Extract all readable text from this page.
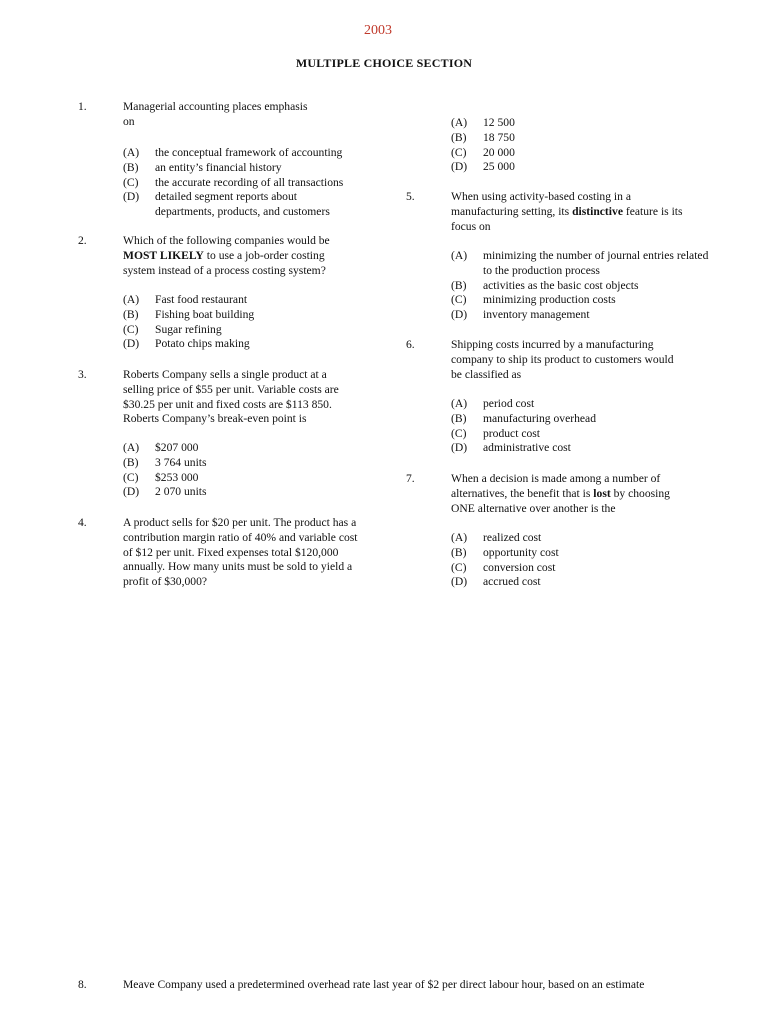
2003
MULTIPLE CHOICE SECTION
1.	Managerial accounting places emphasis
on
(A) the conceptual framework of accounting
(B) an entity’s financial history
(C) the accurate recording of all transactions
(D) detailed segment reports about departments, products, and customers
2.	Which of the following companies would be MOST LIKELY to use a job-order costing system instead of a process costing system?
(A) Fast food restaurant
(B) Fishing boat building
(C) Sugar refining
(D) Potato chips making
3.	Roberts Company sells a single product at a selling price of $55 per unit. Variable costs are $30.25 per unit and fixed costs are $113 850. Roberts Company’s break-even point is
(A) $207 000
(B) 3 764 units
(C) $253 000
(D) 2 070 units
4.	A product sells for $20 per unit. The product has a contribution margin ratio of 40% and variable cost of $12 per unit. Fixed expenses total $120,000 annually. How many units must be sold to yield a profit of $30,000?
(A) 12 500
(B) 18 750
(C) 20 000
(D) 25 000
5.	When using activity-based costing in a manufacturing setting, its distinctive feature is its focus on
(A) minimizing the number of journal entries related to the production process
(B) activities as the basic cost objects
(C) minimizing production costs
(D) inventory management
6.	Shipping costs incurred by a manufacturing company to ship its product to customers would be classified as
(A) period cost
(B) manufacturing overhead
(C) product cost
(D) administrative cost
7.	When a decision is made among a number of alternatives, the benefit that is lost by choosing ONE alternative over another is the
(A) realized cost
(B) opportunity cost
(C) conversion cost
(D) accrued cost
8.	Meave Company used a predetermined overhead rate last year of $2 per direct labour hour, based on an estimate
